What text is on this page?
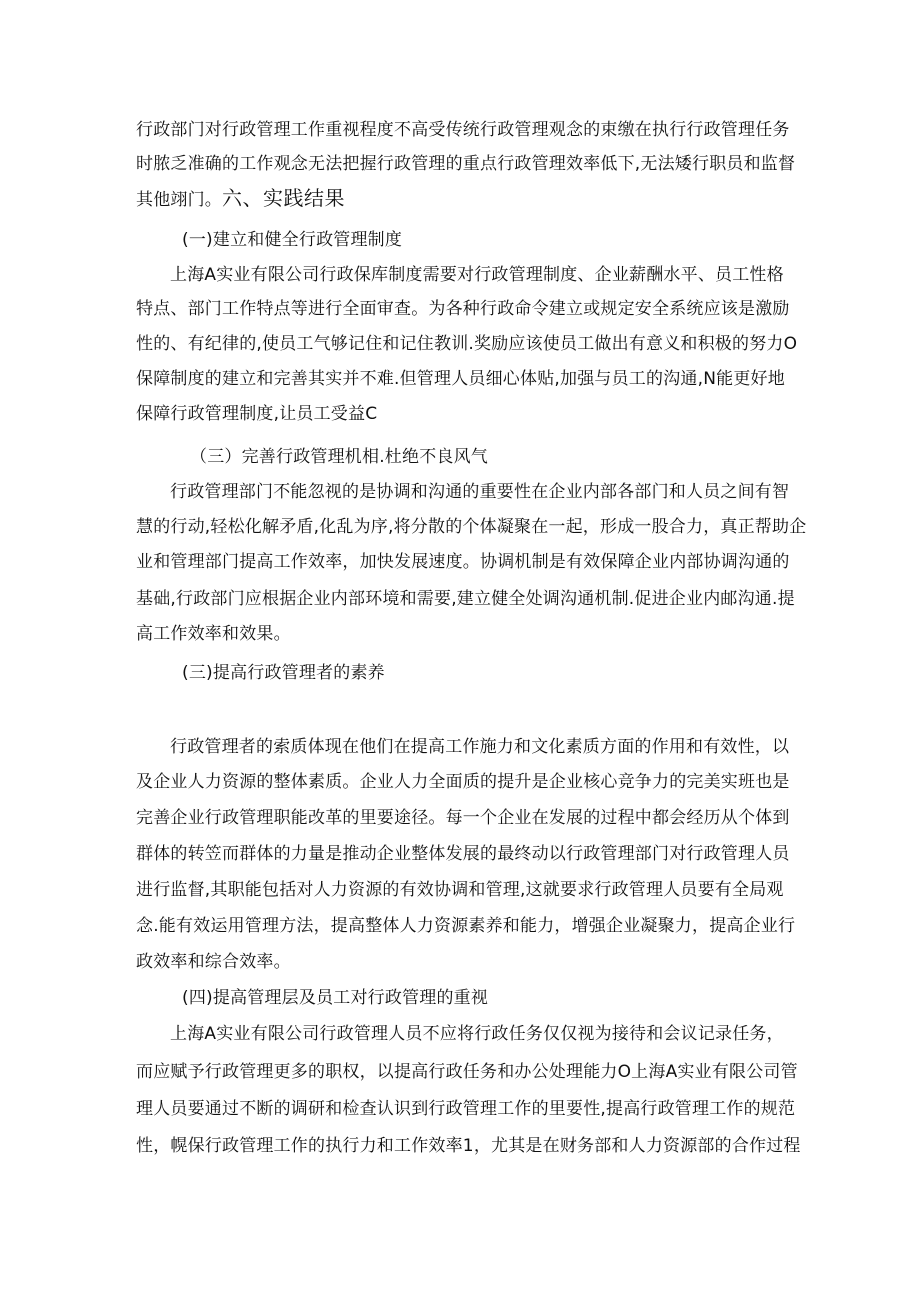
行政部门对行政管理工作重视程度不高受传统行政管理观念的束缴在执行行政管理任务
时脓乏准确的工作观念无法把握行政管理的重点行政管理效率低下,无法矮行职员和监督
其他翊门。六、实践结果
(一)建立和健全行政管理制度
上海A实业有限公司行政保库制度需要对行政管理制度、企业薪酬水平、员工性格
特点、部门工作特点等进行全面审查。为各种行政命令建立或规定安全系统应该是激励
性的、有纪律的,使员工气够记住和记住教训.奖励应该使员工做出有意义和积极的努力O
保障制度的建立和完善其实并不难.但管理人员细心体贴,加强与员工的沟通,N能更好地
保障行政管理制度,让员工受益C
（三）完善行政管理机相.杜绝不良风气
行政管理部门不能忽视的是协调和沟通的重要性在企业内部各部门和人员之间有智
慧的行动,轻松化解矛盾,化乱为序,将分散的个体凝聚在一起，形成一股合力，真正帮助企
业和管理部门提高工作效率，加快发展速度。协调机制是有效保障企业内部协调沟通的
基础,行政部门应根据企业内部环境和需要,建立健全处调沟通机制.促进企业内邮沟通.提
高工作效率和效果。
(三)提高行政管理者的素养
行政管理者的索质体现在他们在提高工作施力和文化素质方面的作用和有效性，以
及企业人力资源的整体素质。企业人力全面质的提升是企业核心竞争力的完美实班也是
完善企业行政管理职能改革的里要途径。每一个企业在发展的过程中都会经历从个体到
群体的转笠而群体的力量是推动企业整体发展的最终动以行政管理部门对行政管理人员
进行监督,其职能包括对人力资源的有效协调和管理,这就要求行政管理人员要有全局观
念.能有效运用管理方法，提高整体人力资源素养和能力，增强企业凝聚力，提高企业行
政效率和综合效率。
(四)提高管理层及员工对行政管理的重视
上海A实业有限公司行政管理人员不应将行政任务仅仅视为接待和会议记录任务，
而应赋予行政管理更多的职权，以提高行政任务和办公处理能力O上海A实业有限公司管
理人员要通过不断的调研和检查认识到行政管理工作的里要性,提高行政管理工作的规范
性，幌保行政管理工作的执行力和工作效率1，尤其是在财务部和人力资源部的合作过程
